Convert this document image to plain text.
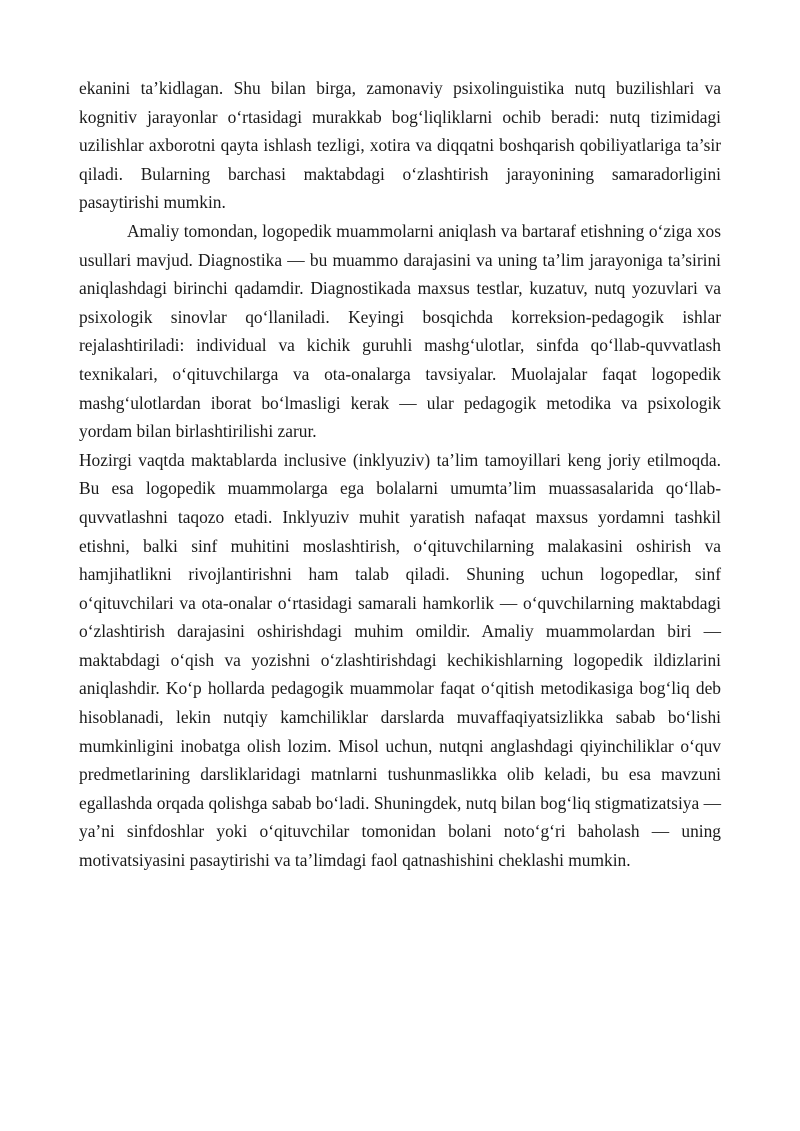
ekanini ta’kidlagan. Shu bilan birga, zamonaviy psixolinguistika nutq buzilishlari va kognitiv jarayonlar o‘rtasidagi murakkab bog‘liqliklarni ochib beradi: nutq tizimidagi uzilishlar axborotni qayta ishlash tezligi, xotira va diqqatni boshqarish qobiliyatlariga ta’sir qiladi. Bularning barchasi maktabdagi o‘zlashtirish jarayonining samaradorligini pasaytirishi mumkin.

Amaliy tomondan, logopedik muammolarni aniqlash va bartaraf etishning o‘ziga xos usullari mavjud. Diagnostika — bu muammo darajasini va uning ta’lim jarayoniga ta’sirini aniqlashdagi birinchi qadamdir. Diagnostikada maxsus testlar, kuzatuv, nutq yozuvlari va psixologik sinovlar qo‘llaniladi. Keyingi bosqichda korreksion-pedagogik ishlar rejalashtiriladi: individual va kichik guruhli mashg‘ulotlar, sinfda qo‘llab-quvvatlash texnikalari, o‘qituvchilarga va ota-onalarga tavsiyalar. Muolajalar faqat logopedik mashg‘ulotlardan iborat bo‘lmasligi kerak — ular pedagogik metodika va psixologik yordam bilan birlashtirilishi zarur.

Hozirgi vaqtda maktablarda inclusive (inklyuziv) ta’lim tamoyillari keng joriy etilmoqda. Bu esa logopedik muammolarga ega bolalarni umumta’lim muassasalarida qo‘llab-quvvatlashni taqozo etadi. Inklyuziv muhit yaratish nafaqat maxsus yordamni tashkil etishni, balki sinf muhitini moslashtirish, o‘qituvchilarning malakasini oshirish va hamjihatlikni rivojlantirishni ham talab qiladi. Shuning uchun logopedlar, sinf o‘qituvchilari va ota-onalar o‘rtasidagi samarali hamkorlik — o‘quvchilarning maktabdagi o‘zlashtirish darajasini oshirishdagi muhim omildir. Amaliy muammolardan biri — maktabdagi o‘qish va yozishni o‘zlashtirishdagi kechikishlarning logopedik ildizlarini aniqlashdir. Ko‘p hollarda pedagogik muammolar faqat o‘qitish metodikasiga bog‘liq deb hisoblanadi, lekin nutqiy kamchiliklar darslarda muvaffaqiyatsizlikka sabab bo‘lishi mumkinligini inobatga olish lozim. Misol uchun, nutqni anglashdagi qiyinchiliklar o‘quv predmetlarining darsliklaridagi matnlarni tushunmaslikka olib keladi, bu esa mavzuni egallashda orqada qolishga sabab bo‘ladi. Shuningdek, nutq bilan bog‘liq stigmatizatsiya — ya’ni sinfdoshlar yoki o‘qituvchilar tomonidan bolani noto‘g‘ri baholash — uning motivatsiyasini pasaytirishi va ta’limdagi faol qatnashishini cheklashi mumkin.
